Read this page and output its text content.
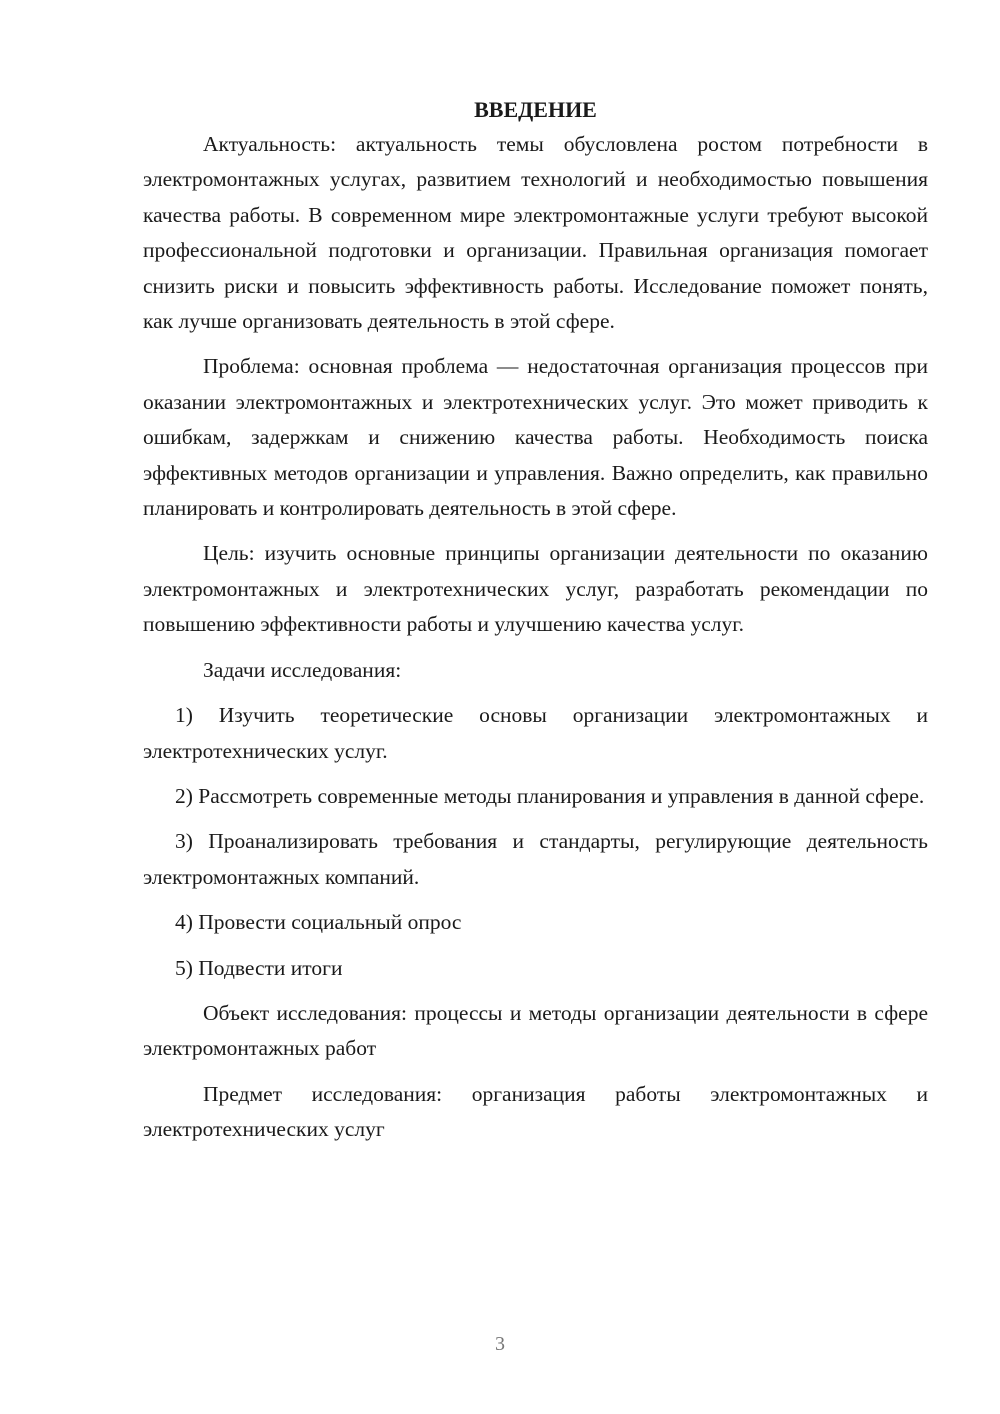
ВВЕДЕНИЕ

Актуальность: актуальность темы обусловлена ростом потребности в электромонтажных услугах, развитием технологий и необходимостью повышения качества работы. В современном мире электромонтажные услуги требуют высокой профессиональной подготовки и организации. Правильная организация помогает снизить риски и повысить эффективность работы. Исследование поможет понять, как лучше организовать деятельность в этой сфере.

Проблема: основная проблема — недостаточная организация процессов при оказании электромонтажных и электротехнических услуг. Это может приводить к ошибкам, задержкам и снижению качества работы. Необходимость поиска эффективных методов организации и управления. Важно определить, как правильно планировать и контролировать деятельность в этой сфере.

Цель: изучить основные принципы организации деятельности по оказанию электромонтажных и электротехнических услуг, разработать рекомендации по повышению эффективности работы и улучшению качества услуг.

Задачи исследования:

1) Изучить теоретические основы организации электромонтажных и электротехнических услуг.

2) Рассмотреть современные методы планирования и управления в данной сфере.

3) Проанализировать требования и стандарты, регулирующие деятельность электромонтажных компаний.

4) Провести социальный опрос

5) Подвести итоги

Объект исследования: процессы и методы организации деятельности в сфере электромонтажных работ

Предмет исследования: организация работы электромонтажных и электротехнических услуг

3
